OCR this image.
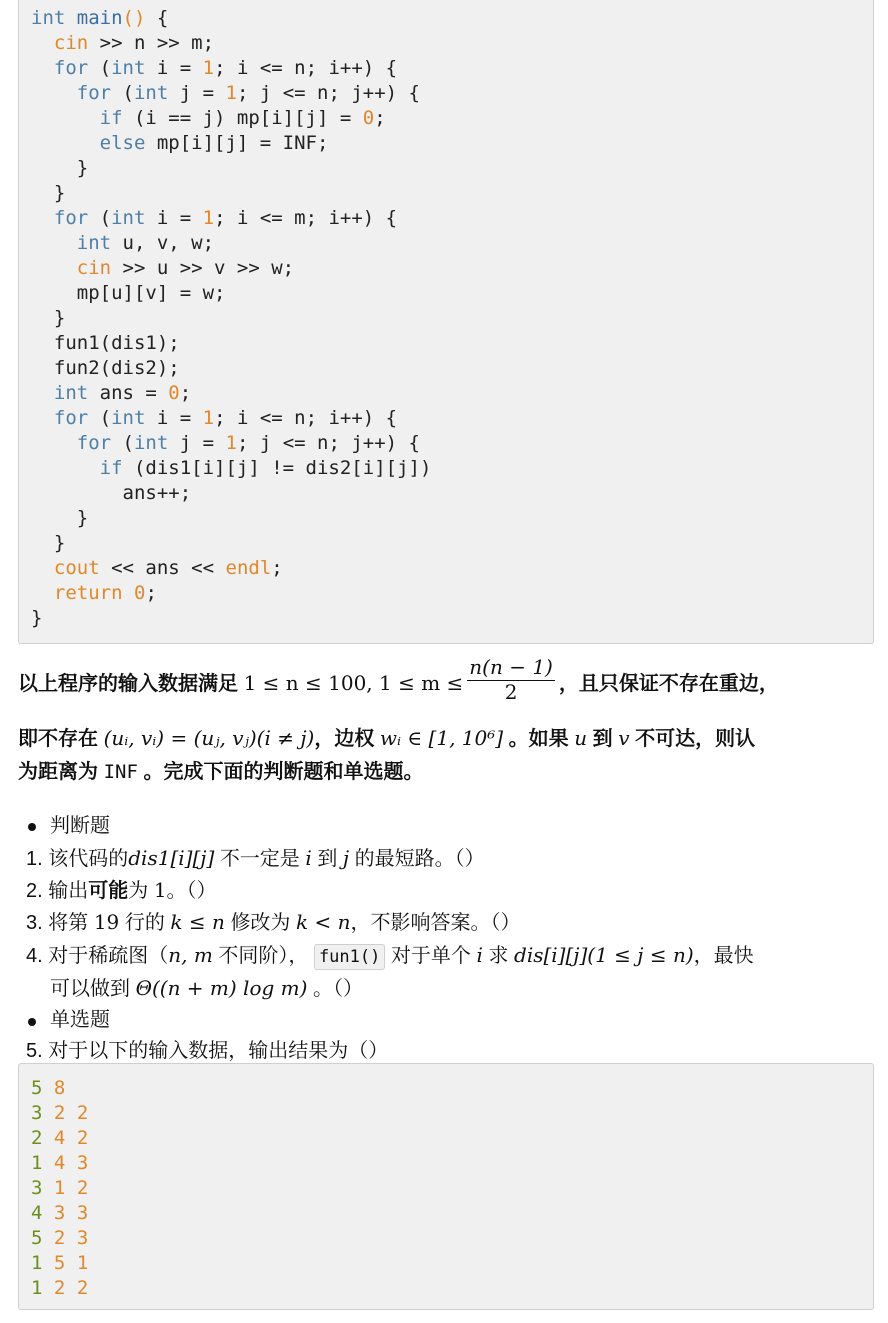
int main() {
cin >> n >> m;
for (int i = 1; i <= n; i++) {
for (int j = 1; j <= n; j++) {
if (i == j) mp[i][j] = 0;
else mp[i][j] = INF;
}
}
for (int i = 1; i <= m; i++) {
int u, v, w;
cin >> u >> v >> w;
mp[u][v] = w;
}
fun1(dis1);
fun2(dis2);
int ans = 0;
for (int i = 1; i <= n; i++) {
for (int j = 1; j <= n; j++) {
if (dis1[i][j] != dis2[i][j])
ans++;
}
}
cout << ans << endl;
return 0;
}
以上程序的输入数据满足 1 ≤ n ≤ 100, $1 \le m \le \frac{n(n - 1)}{2}$ ，且只保证不存在重边，
即不存在 (uᵢ, vᵢ) = (uⱼ, vⱼ)(i ≠ j)，边权 wᵢ ∈ [1, 10⁶] 。如果 u 到 v 不可达，则认
为距离为 INF 。完成下面的判断题和单选题。
判断题
1. 该代码的dis1[i][j] 不一定是 i 到 j 的最短路。（）
2. 输出可能为 1。（）
3. 将第 19 行的 k ≤ n 修改为 k < n，不影响答案。（）
4. 对于稀疏图（n, m 不同阶）， fun1() 对于单个 i 求 dis[i][j](1 ≤ j ≤ n)，最快
可以做到 Θ((n + m) log m) 。（）
单选题
5. 对于以下的输入数据，输出结果为（）
5 8
3 2 2
2 4 2
1 4 3
3 1 2
4 3 3
5 2 3
1 5 1
1 2 2
